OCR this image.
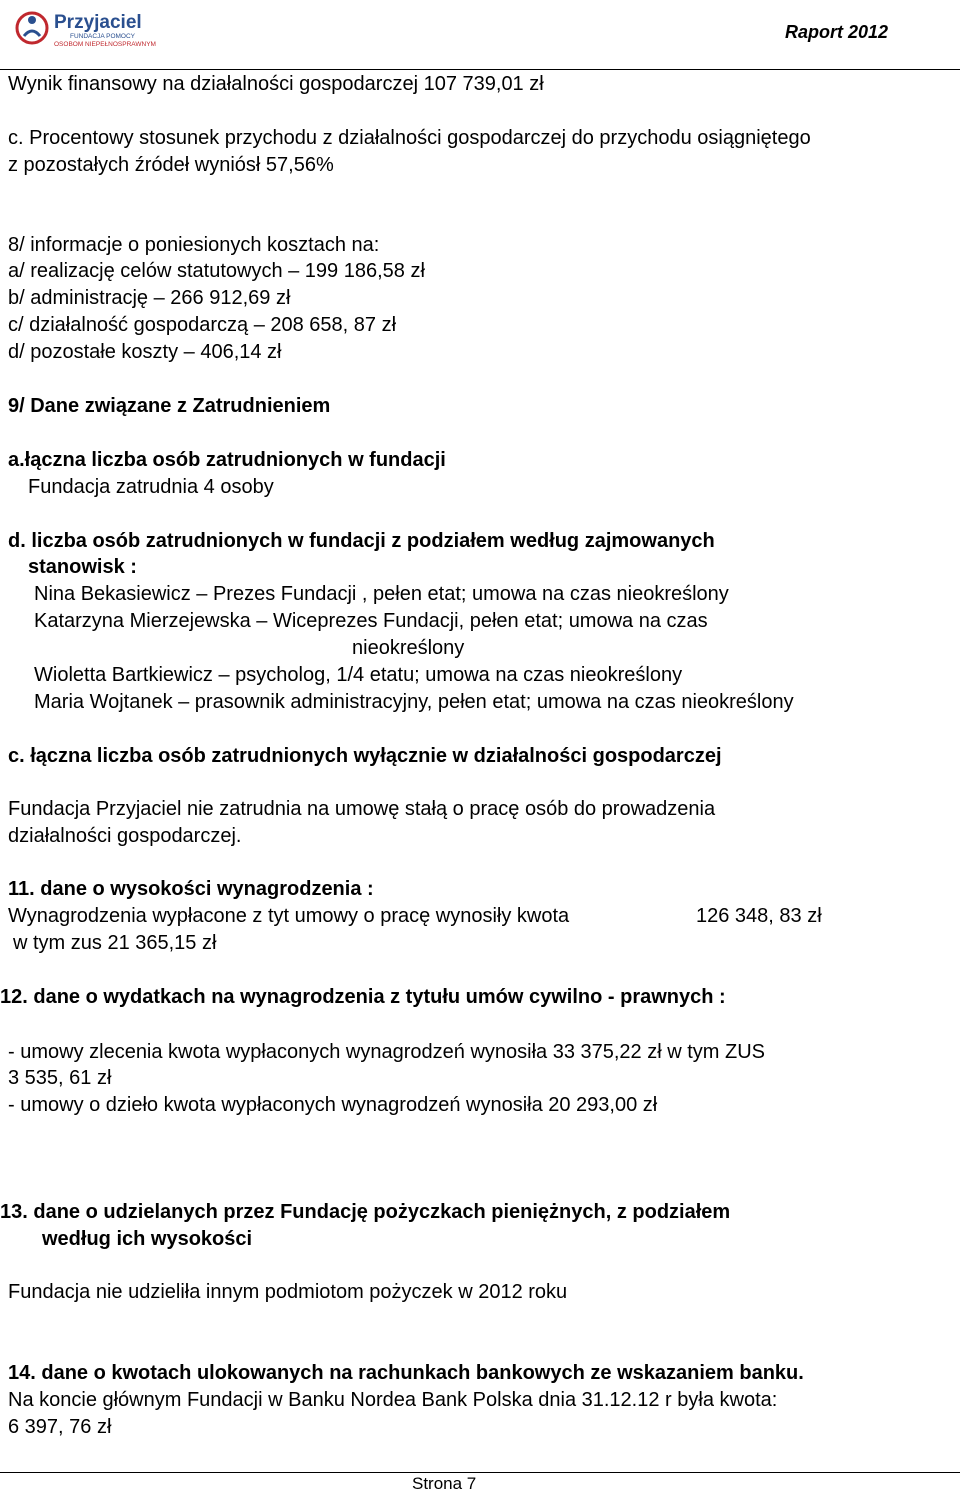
Przyjaciel
FUNDACJA POMOCY
OSOBOM NIEPEŁNOSPRAWNYM
Raport 2012
Wynik finansowy na działalności gospodarczej 107 739,01 zł
c. Procentowy stosunek przychodu z działalności gospodarczej do przychodu osiągniętego
z pozostałych źródeł wyniósł 57,56%
8/ informacje o poniesionych kosztach na:
a/ realizację celów statutowych – 199 186,58 zł
b/ administrację – 266 912,69 zł
c/ działalność gospodarczą – 208 658, 87 zł
d/ pozostałe koszty – 406,14 zł
9/ Dane związane z Zatrudnieniem
a.łączna liczba osób zatrudnionych w fundacji
Fundacja zatrudnia 4 osoby
d. liczba osób zatrudnionych w fundacji z podziałem według zajmowanych
stanowisk :
Nina Bekasiewicz – Prezes Fundacji , pełen etat; umowa na czas nieokreślony
Katarzyna Mierzejewska – Wiceprezes Fundacji, pełen etat; umowa na czas
nieokreślony
Wioletta Bartkiewicz – psycholog, 1/4 etatu; umowa na czas nieokreślony
Maria Wojtanek – prasownik administracyjny, pełen etat; umowa na czas nieokreślony
c. łączna liczba osób zatrudnionych wyłącznie w działalności gospodarczej
Fundacja Przyjaciel nie zatrudnia na umowę stałą o pracę osób do prowadzenia
działalności gospodarczej.
11. dane o wysokości wynagrodzenia :
Wynagrodzenia wypłacone z tyt umowy o pracę wynosiły kwota	126 348, 83 zł
w tym zus 21 365,15 zł
12. dane o wydatkach na wynagrodzenia z tytułu umów cywilno - prawnych :
- umowy zlecenia kwota wypłaconych wynagrodzeń wynosiła 33 375,22 zł w tym ZUS
3 535, 61 zł
- umowy o dzieło kwota wypłaconych wynagrodzeń wynosiła 20 293,00 zł
13. dane o udzielanych przez Fundację pożyczkach pieniężnych, z podziałem
według ich wysokości
Fundacja nie udzieliła innym podmiotom pożyczek w 2012 roku
14. dane o kwotach ulokowanych na rachunkach bankowych ze wskazaniem banku.
Na koncie głównym Fundacji w Banku Nordea Bank Polska dnia 31.12.12 r była kwota:
6 397, 76 zł
Strona 7
